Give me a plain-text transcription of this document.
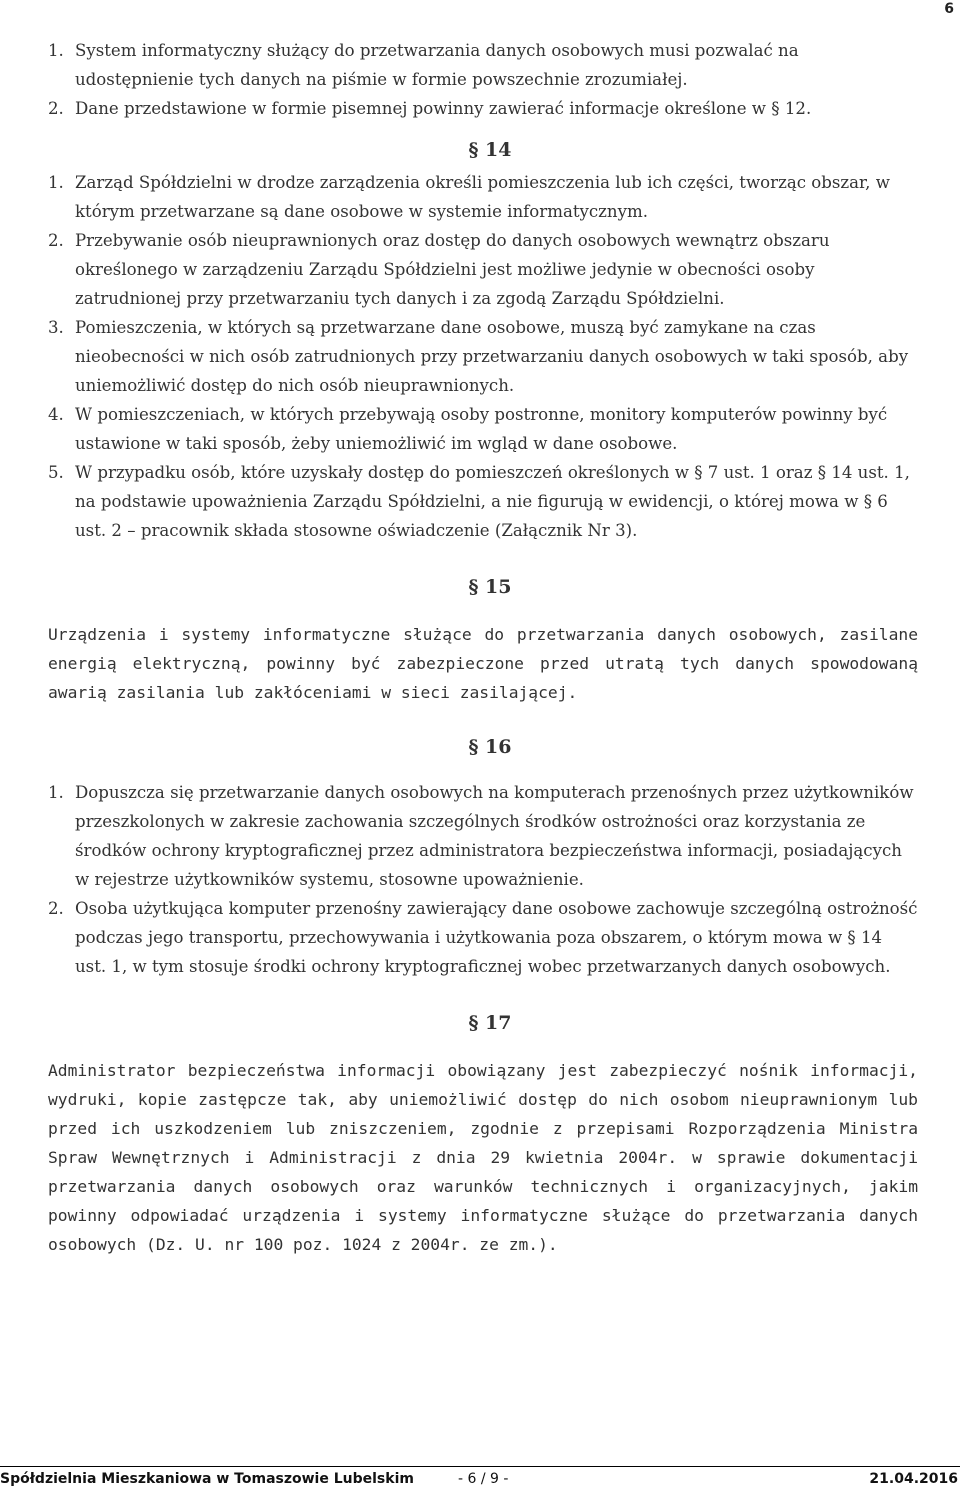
6
1. System informatyczny służący do przetwarzania danych osobowych musi pozwalać na udostępnienie tych danych na piśmie w formie powszechnie zrozumiałej.
2. Dane przedstawione w formie pisemnej powinny zawierać informacje określone w § 12.
§ 14
1. Zarząd Spółdzielni w drodze zarządzenia określi pomieszczenia lub ich części, tworząc obszar, w którym przetwarzane są dane osobowe w systemie informatycznym.
2. Przebywanie osób nieuprawnionych oraz dostęp do danych osobowych wewnątrz obszaru określonego w zarządzeniu Zarządu Spółdzielni jest możliwe jedynie w obecności osoby zatrudnionej przy przetwarzaniu tych danych i za zgodą Zarządu Spółdzielni.
3. Pomieszczenia, w których są przetwarzane dane osobowe, muszą być zamykane na czas nieobecności w nich osób zatrudnionych przy przetwarzaniu danych osobowych w taki sposób, aby uniemożliwić dostęp do nich osób nieuprawnionych.
4. W pomieszczeniach, w których przebywają osoby postronne, monitory komputerów powinny być ustawione w taki sposób, żeby uniemożliwić im wgląd w dane osobowe.
5. W przypadku osób, które uzyskały dostęp do pomieszczeń określonych w § 7 ust. 1 oraz § 14 ust. 1, na podstawie upoważnienia Zarządu Spółdzielni, a nie figurują w ewidencji, o której mowa w § 6 ust. 2 – pracownik składa stosowne oświadczenie (Załącznik Nr 3).
§ 15
Urządzenia i systemy informatyczne służące do przetwarzania danych osobowych, zasilane energią elektryczną, powinny być zabezpieczone przed utratą tych danych spowodowaną awarią zasilania lub zakłóceniami w sieci zasilającej.
§ 16
1. Dopuszcza się przetwarzanie danych osobowych na komputerach przenośnych przez użytkowników przeszkolonych w zakresie zachowania szczególnych środków ostrożności oraz korzystania ze środków ochrony kryptograficznej przez administratora bezpieczeństwa informacji, posiadających w rejestrze użytkowników systemu, stosowne upoważnienie.
2. Osoba użytkująca komputer przenośny zawierający dane osobowe zachowuje szczególną ostrożność podczas jego transportu, przechowywania i użytkowania poza obszarem, o którym mowa w § 14 ust. 1, w tym stosuje środki ochrony kryptograficznej wobec przetwarzanych danych osobowych.
§ 17
Administrator bezpieczeństwa informacji obowiązany jest zabezpieczyć nośnik informacji, wydruki, kopie zastępcze tak, aby uniemożliwić dostęp do nich osobom nieuprawnionym lub przed ich uszkodzeniem lub zniszczeniem, zgodnie z przepisami Rozporządzenia Ministra Spraw Wewnętrznych i Administracji z dnia 29 kwietnia 2004r. w sprawie dokumentacji przetwarzania danych osobowych oraz warunków technicznych i organizacyjnych, jakim powinny odpowiadać urządzenia i systemy informatyczne służące do przetwarzania danych osobowych (Dz. U. nr 100 poz. 1024 z 2004r. ze zm.).
Spółdzielnia Mieszkaniowa w Tomaszowie Lubelskim	- 6 / 9 -	21.04.2016
